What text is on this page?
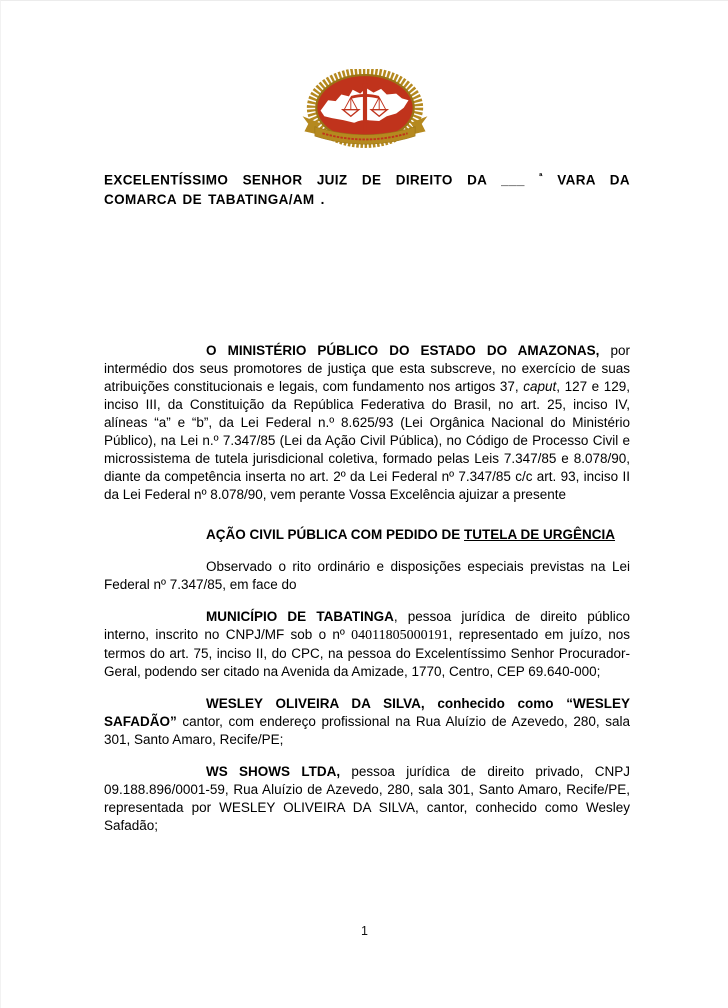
EXCELENTÍSSIMO SENHOR JUIZ DE DIREITO DA ___ $^ª$ VARA DA COMARCA DE TABATINGA/AM .

O MINISTÉRIO PÚBLICO DO ESTADO DO AMAZONAS, por intermédio dos seus promotores de justiça que esta subscreve, no exercício de suas atribuições constitucionais e legais, com fundamento nos artigos 37, caput, 127 e 129, inciso III, da Constituição da República Federativa do Brasil, no art. 25, inciso IV, alíneas “a” e “b”, da Lei Federal n.º 8.625/93 (Lei Orgânica Nacional do Ministério Público), na Lei n.º 7.347/85 (Lei da Ação Civil Pública), no Código de Processo Civil e microssistema de tutela jurisdicional coletiva, formado pelas Leis 7.347/85 e 8.078/90, diante da competência inserta no art. 2º da Lei Federal nº 7.347/85 c/c art. 93, inciso II da Lei Federal nº 8.078/90, vem perante Vossa Excelência ajuizar a presente

AÇÃO CIVIL PÚBLICA COM PEDIDO DE TUTELA DE URGÊNCIA

Observado o rito ordinário e disposições especiais previstas na Lei Federal nº 7.347/85, em face do

MUNICÍPIO DE TABATINGA, pessoa jurídica de direito público interno, inscrito no CNPJ/MF sob o nº 04011805000191, representado em juízo, nos termos do art. 75, inciso II, do CPC, na pessoa do Excelentíssimo Senhor Procurador-Geral, podendo ser citado na Avenida da Amizade, 1770, Centro, CEP 69.640-000;

WESLEY OLIVEIRA DA SILVA, conhecido como “WESLEY SAFADÃO” cantor, com endereço profissional na Rua Aluízio de Azevedo, 280, sala 301, Santo Amaro, Recife/PE;

WS SHOWS LTDA, pessoa jurídica de direito privado, CNPJ 09.188.896/0001-59, Rua Aluízio de Azevedo, 280, sala 301, Santo Amaro, Recife/PE, representada por WESLEY OLIVEIRA DA SILVA, cantor, conhecido como Wesley Safadão;

1
